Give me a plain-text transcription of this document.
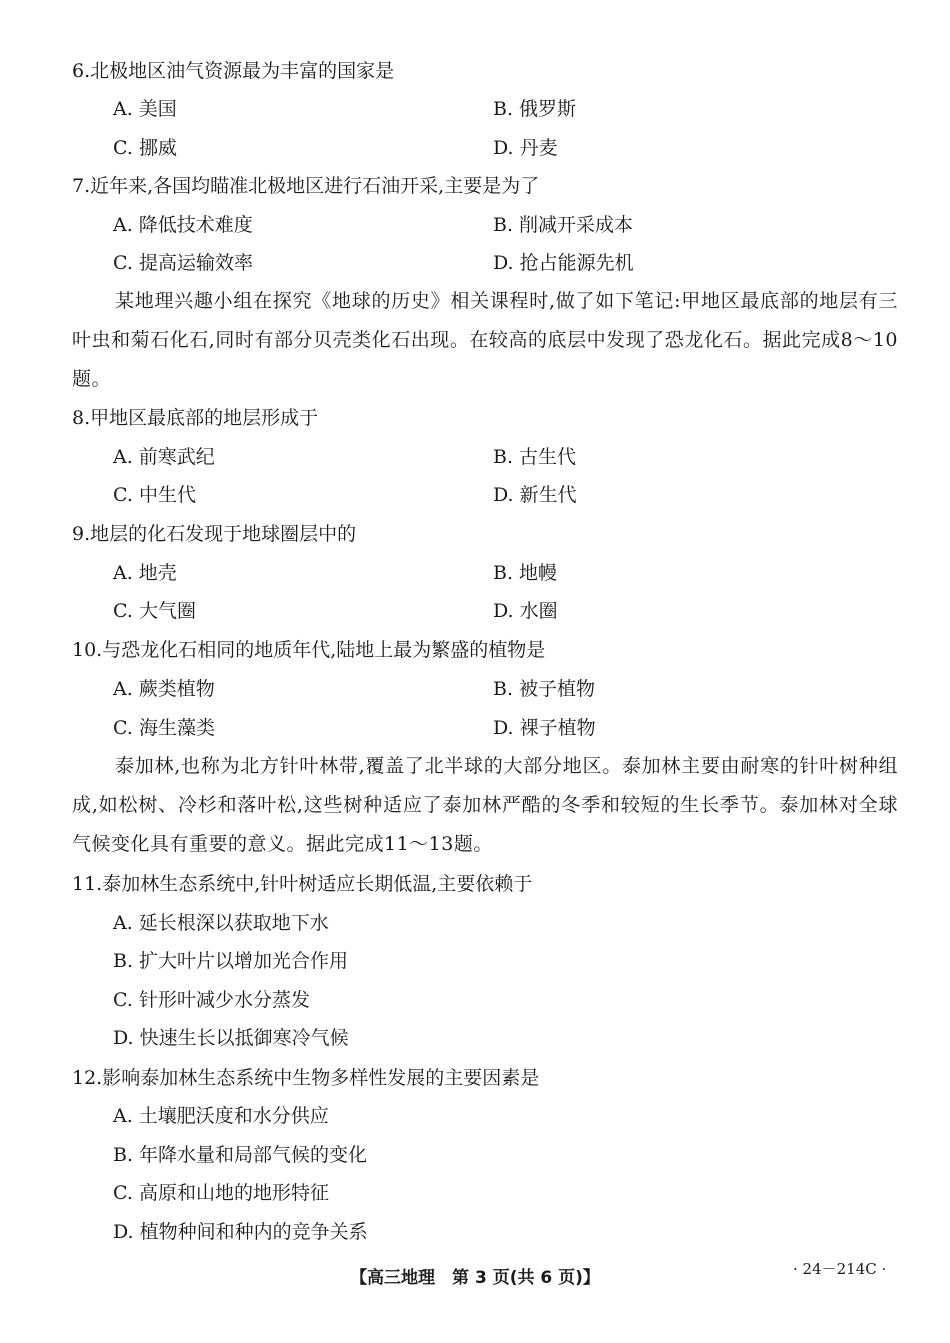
6.北极地区油气资源最为丰富的国家是
A. 美国	B. 俄罗斯
C. 挪威	D. 丹麦
7.近年来,各国均瞄准北极地区进行石油开采,主要是为了
A. 降低技术难度	B. 削减开采成本
C. 提高运输效率	D. 抢占能源先机
某地理兴趣小组在探究《地球的历史》相关课程时,做了如下笔记:甲地区最底部的地层有三叶虫和菊石化石,同时有部分贝壳类化石出现。在较高的底层中发现了恐龙化石。据此完成8～10题。
8.甲地区最底部的地层形成于
A. 前寒武纪	B. 古生代
C. 中生代	D. 新生代
9.地层的化石发现于地球圈层中的
A. 地壳	B. 地幔
C. 大气圈	D. 水圈
10.与恐龙化石相同的地质年代,陆地上最为繁盛的植物是
A. 蕨类植物	B. 被子植物
C. 海生藻类	D. 裸子植物
泰加林,也称为北方针叶林带,覆盖了北半球的大部分地区。泰加林主要由耐寒的针叶树种组成,如松树、冷杉和落叶松,这些树种适应了泰加林严酷的冬季和较短的生长季节。泰加林对全球气候变化具有重要的意义。据此完成11～13题。
11.泰加林生态系统中,针叶树适应长期低温,主要依赖于
A. 延长根深以获取地下水
B. 扩大叶片以增加光合作用
C. 针形叶减少水分蒸发
D. 快速生长以抵御寒冷气候
12.影响泰加林生态系统中生物多样性发展的主要因素是
A. 土壤肥沃度和水分供应
B. 年降水量和局部气候的变化
C. 高原和山地的地形特征
D. 植物种间和种内的竞争关系
【高三地理　第 3 页(共 6 页)】	· 24－214C ·
